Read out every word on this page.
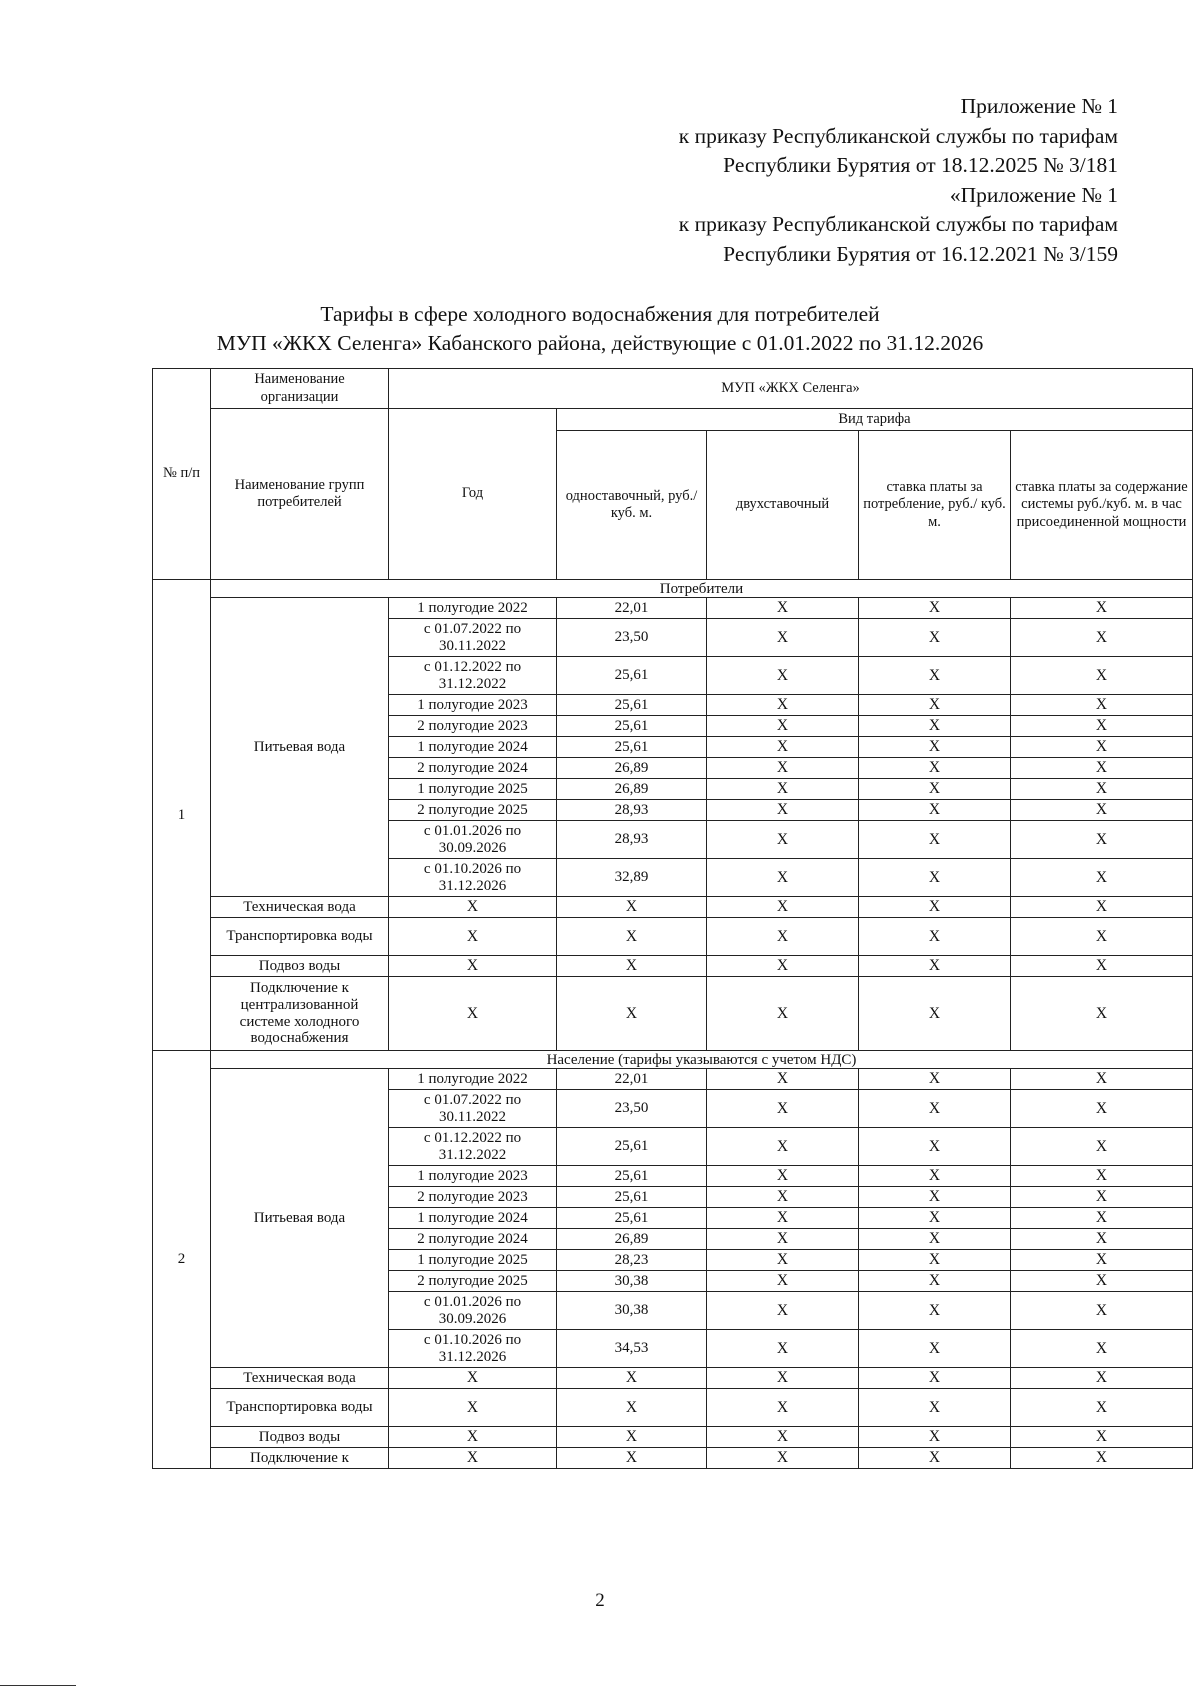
Приложение № 1
к приказу Республиканской службы по тарифам
Республики Бурятия от 18.12.2025 № 3/181
«Приложение № 1
к приказу Республиканской службы по тарифам
Республики Бурятия от 16.12.2021 № 3/159
Тарифы в сфере холодного водоснабжения для потребителей
МУП «ЖКХ Селенга» Кабанского района, действующие с 01.01.2022 по 31.12.2026
№ п/п	Наименование организации	МУП «ЖКХ Селенга»				
	Наименование групп потребителей	Год	Вид тарифа			
			одноставочный, руб./ куб. м.	двухставочный	ставка платы за потребление, руб./ куб. м.	ставка платы за содержание системы руб./куб. м. в час присоединенной мощности
1	Потребители					
	Питьевая вода	1 полугодие 2022	22,01	Х	Х	Х
		с 01.07.2022 по 30.11.2022	23,50	Х	Х	Х
		с 01.12.2022 по 31.12.2022	25,61	Х	Х	Х
		1 полугодие 2023	25,61	Х	Х	Х
		2 полугодие 2023	25,61	Х	Х	Х
		1 полугодие 2024	25,61	Х	Х	Х
		2 полугодие 2024	26,89	Х	Х	Х
		1 полугодие 2025	26,89	Х	Х	Х
		2 полугодие 2025	28,93	Х	Х	Х
		с 01.01.2026 по 30.09.2026	28,93	Х	Х	Х
		с 01.10.2026 по 31.12.2026	32,89	Х	Х	Х
	Техническая вода	Х	Х	Х	Х	Х
	Транспортировка воды	Х	Х	Х	Х	Х
	Подвоз воды	Х	Х	Х	Х	Х
	Подключение к централизованной системе холодного водоснабжения	Х	Х	Х	Х	Х
2	Население (тарифы указываются с учетом НДС)					
	Питьевая вода	1 полугодие 2022	22,01	Х	Х	Х
		с 01.07.2022 по 30.11.2022	23,50	Х	Х	Х
		с 01.12.2022 по 31.12.2022	25,61	Х	Х	Х
		1 полугодие 2023	25,61	Х	Х	Х
		2 полугодие 2023	25,61	Х	Х	Х
		1 полугодие 2024	25,61	Х	Х	Х
		2 полугодие 2024	26,89	Х	Х	Х
		1 полугодие 2025	28,23	Х	Х	Х
		2 полугодие 2025	30,38	Х	Х	Х
		с 01.01.2026 по 30.09.2026	30,38	Х	Х	Х
		с 01.10.2026 по 31.12.2026	34,53	Х	Х	Х
	Техническая вода	Х	Х	Х	Х	Х
	Транспортировка воды	Х	Х	Х	Х	Х
	Подвоз воды	Х	Х	Х	Х	Х
	Подключение к	Х	Х	Х	Х	Х
2
